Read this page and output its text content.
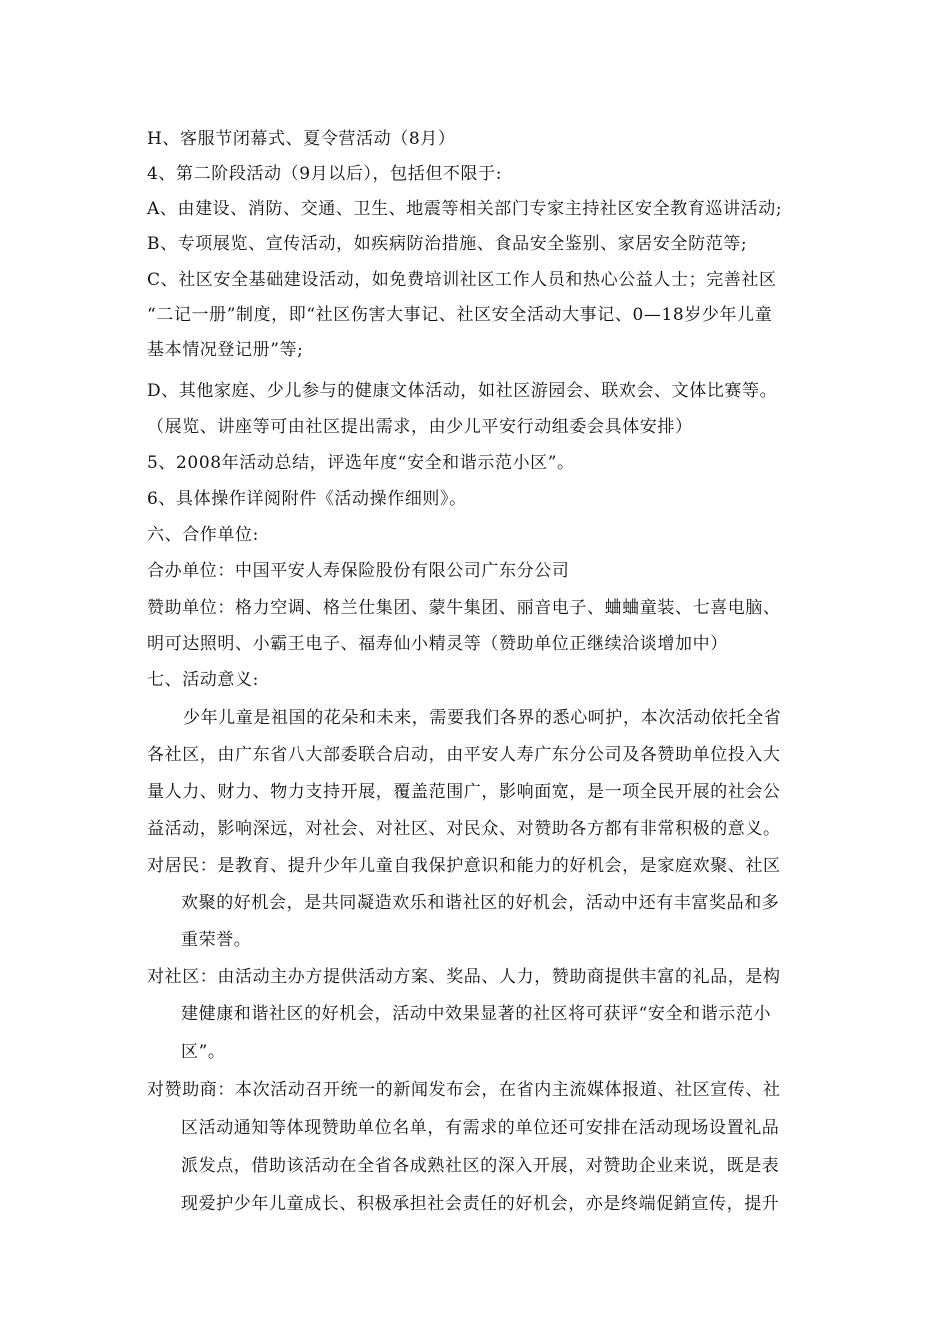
H、客服节闭幕式、夏令营活动（8月）
4、第二阶段活动（9月以后），包括但不限于:
A、由建设、消防、交通、卫生、地震等相关部门专家主持社区安全教育巡讲活动;
B、专项展览、宣传活动，如疾病防治措施、食品安全鉴别、家居安全防范等;
C、社区安全基础建设活动，如免费培训社区工作人员和热心公益人士；完善社区
“二记一册”制度，即“社区伤害大事记、社区安全活动大事记、0—18岁少年儿童
基本情况登记册”等;
D、其他家庭、少儿参与的健康文体活动，如社区游园会、联欢会、文体比赛等。
（展览、讲座等可由社区提出需求，由少儿平安行动组委会具体安排）
5、2008年活动总结，评选年度“安全和谐示范小区”。
6、具体操作详阅附件《活动操作细则》。
六、合作单位:
合办单位：中国平安人寿保险股份有限公司广东分公司
赞助单位：格力空调、格兰仕集团、蒙牛集团、丽音电子、蛐蛐童装、七喜电脑、
明可达照明、小霸王电子、福寿仙小精灵等（赞助单位正继续洽谈增加中）
七、活动意义:
少年儿童是祖国的花朵和未来，需要我们各界的悉心呵护，本次活动依托全省
各社区，由广东省八大部委联合启动，由平安人寿广东分公司及各赞助单位投入大
量人力、财力、物力支持开展，覆盖范围广，影响面宽，是一项全民开展的社会公
益活动，影响深远，对社会、对社区、对民众、对赞助各方都有非常积极的意义。
对居民：是教育、提升少年儿童自我保护意识和能力的好机会，是家庭欢聚、社区
欢聚的好机会，是共同凝造欢乐和谐社区的好机会，活动中还有丰富奖品和多
重荣誉。
对社区：由活动主办方提供活动方案、奖品、人力，赞助商提供丰富的礼品，是构
建健康和谐社区的好机会，活动中效果显著的社区将可获评“安全和谐示范小
区”。
对赞助商：本次活动召开统一的新闻发布会，在省内主流媒体报道、社区宣传、社
区活动通知等体现赞助单位名单，有需求的单位还可安排在活动现场设置礼品
派发点，借助该活动在全省各成熟社区的深入开展，对赞助企业来说，既是表
现爱护少年儿童成长、积极承担社会责任的好机会，亦是终端促銷宣传，提升
